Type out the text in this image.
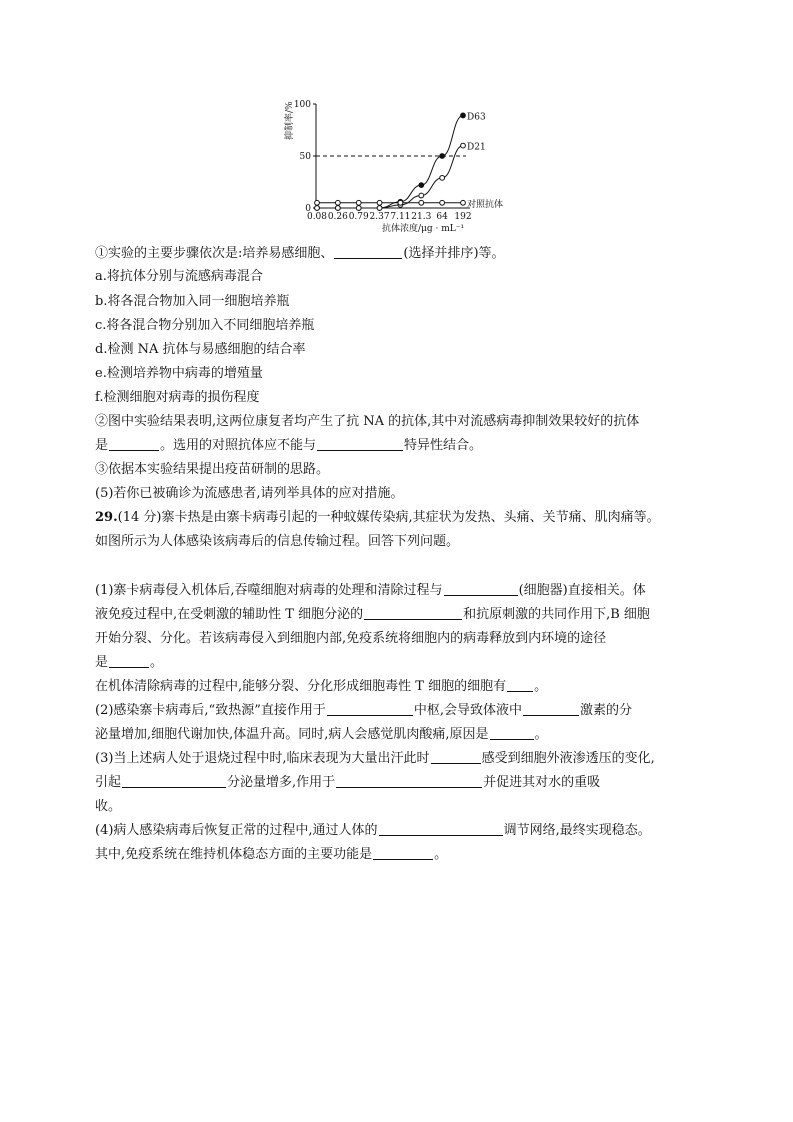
抑制率/%
0
50
100
0.08 0.26 0.79 2.37 7.11 21.3 64 192
D63
D21
对照抗体
抗体浓度/μg · mL⁻¹
①实验的主要步骤依次是:培养易感细胞、	(选择并排序)等。
a.将抗体分别与流感病毒混合
b.将各混合物加入同一细胞培养瓶
c.将各混合物分别加入不同细胞培养瓶
d.检测 NA 抗体与易感细胞的结合率
e.检测培养物中病毒的增殖量
f.检测细胞对病毒的损伤程度
②图中实验结果表明,这两位康复者均产生了抗 NA 的抗体,其中对流感病毒抑制效果较好的抗体
是	。选用的对照抗体应不能与	特异性结合。
③依据本实验结果提出疫苗研制的思路。
(5)若你已被确诊为流感患者,请列举具体的应对措施。
29.(14 分)寨卡热是由寨卡病毒引起的一种蚊媒传染病,其症状为发热、头痛、关节痛、肌肉痛等。
如图所示为人体感染该病毒后的信息传输过程。回答下列问题。
(1)寨卡病毒侵入机体后,吞噬细胞对病毒的处理和清除过程与	(细胞器)直接相关。体
液免疫过程中,在受刺激的辅助性 T 细胞分泌的	和抗原刺激的共同作用下,B 细胞
开始分裂、分化。若该病毒侵入到细胞内部,免疫系统将细胞内的病毒释放到内环境的途径
是	。
在机体清除病毒的过程中,能够分裂、分化形成细胞毒性 T 细胞的细胞有 。
(2)感染寨卡病毒后,“致热源”直接作用于	中枢,会导致体液中	激素的分
泌量增加,细胞代谢加快,体温升高。同时,病人会感觉肌肉酸痛,原因是	。
(3)当上述病人处于退烧过程中时,临床表现为大量出汗此时	感受到细胞外液渗透压的变化,
引起	分泌量增多,作用于	并促进其对水的重吸
收。
(4)病人感染病毒后恢复正常的过程中,通过人体的	调节网络,最终实现稳态。
其中,免疫系统在维持机体稳态方面的主要功能是	。
